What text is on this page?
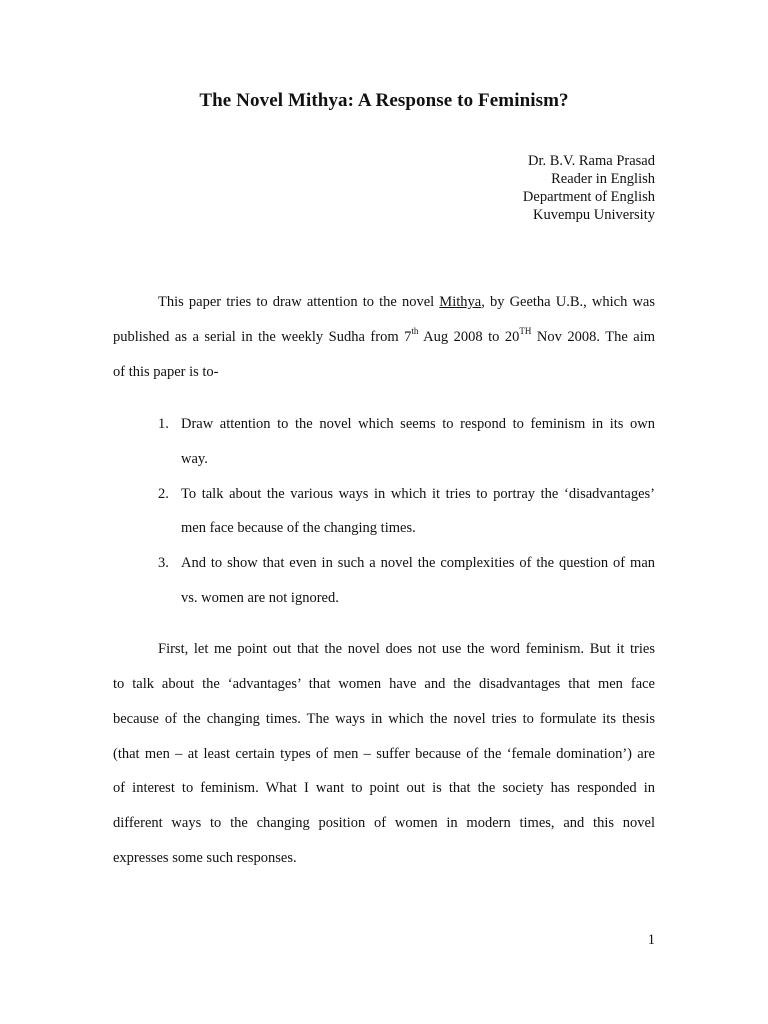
The Novel Mithya: A Response to Feminism?
Dr. B.V. Rama Prasad
Reader in English
Department of English
Kuvempu University
This paper tries to draw attention to the novel Mithya, by Geetha U.B., which was
published as a serial in the weekly Sudha from 7th Aug 2008 to 20TH Nov 2008. The aim
of this paper is to-
1. Draw attention to the novel which seems to respond to feminism in its own
way.
2. To talk about the various ways in which it tries to portray the ‘disadvantages’
men face because of the changing times.
3. And to show that even in such a novel the complexities of the question of man
vs. women are not ignored.
First, let me point out that the novel does not use the word feminism. But it tries
to talk about the ‘advantages’ that women have and the disadvantages that men face
because of the changing times. The ways in which the novel tries to formulate its thesis
(that men – at least certain types of men – suffer because of the ‘female domination’) are
of interest to feminism. What I want to point out is that the society has responded in
different ways to the changing position of women in modern times, and this novel
expresses some such responses.
1
